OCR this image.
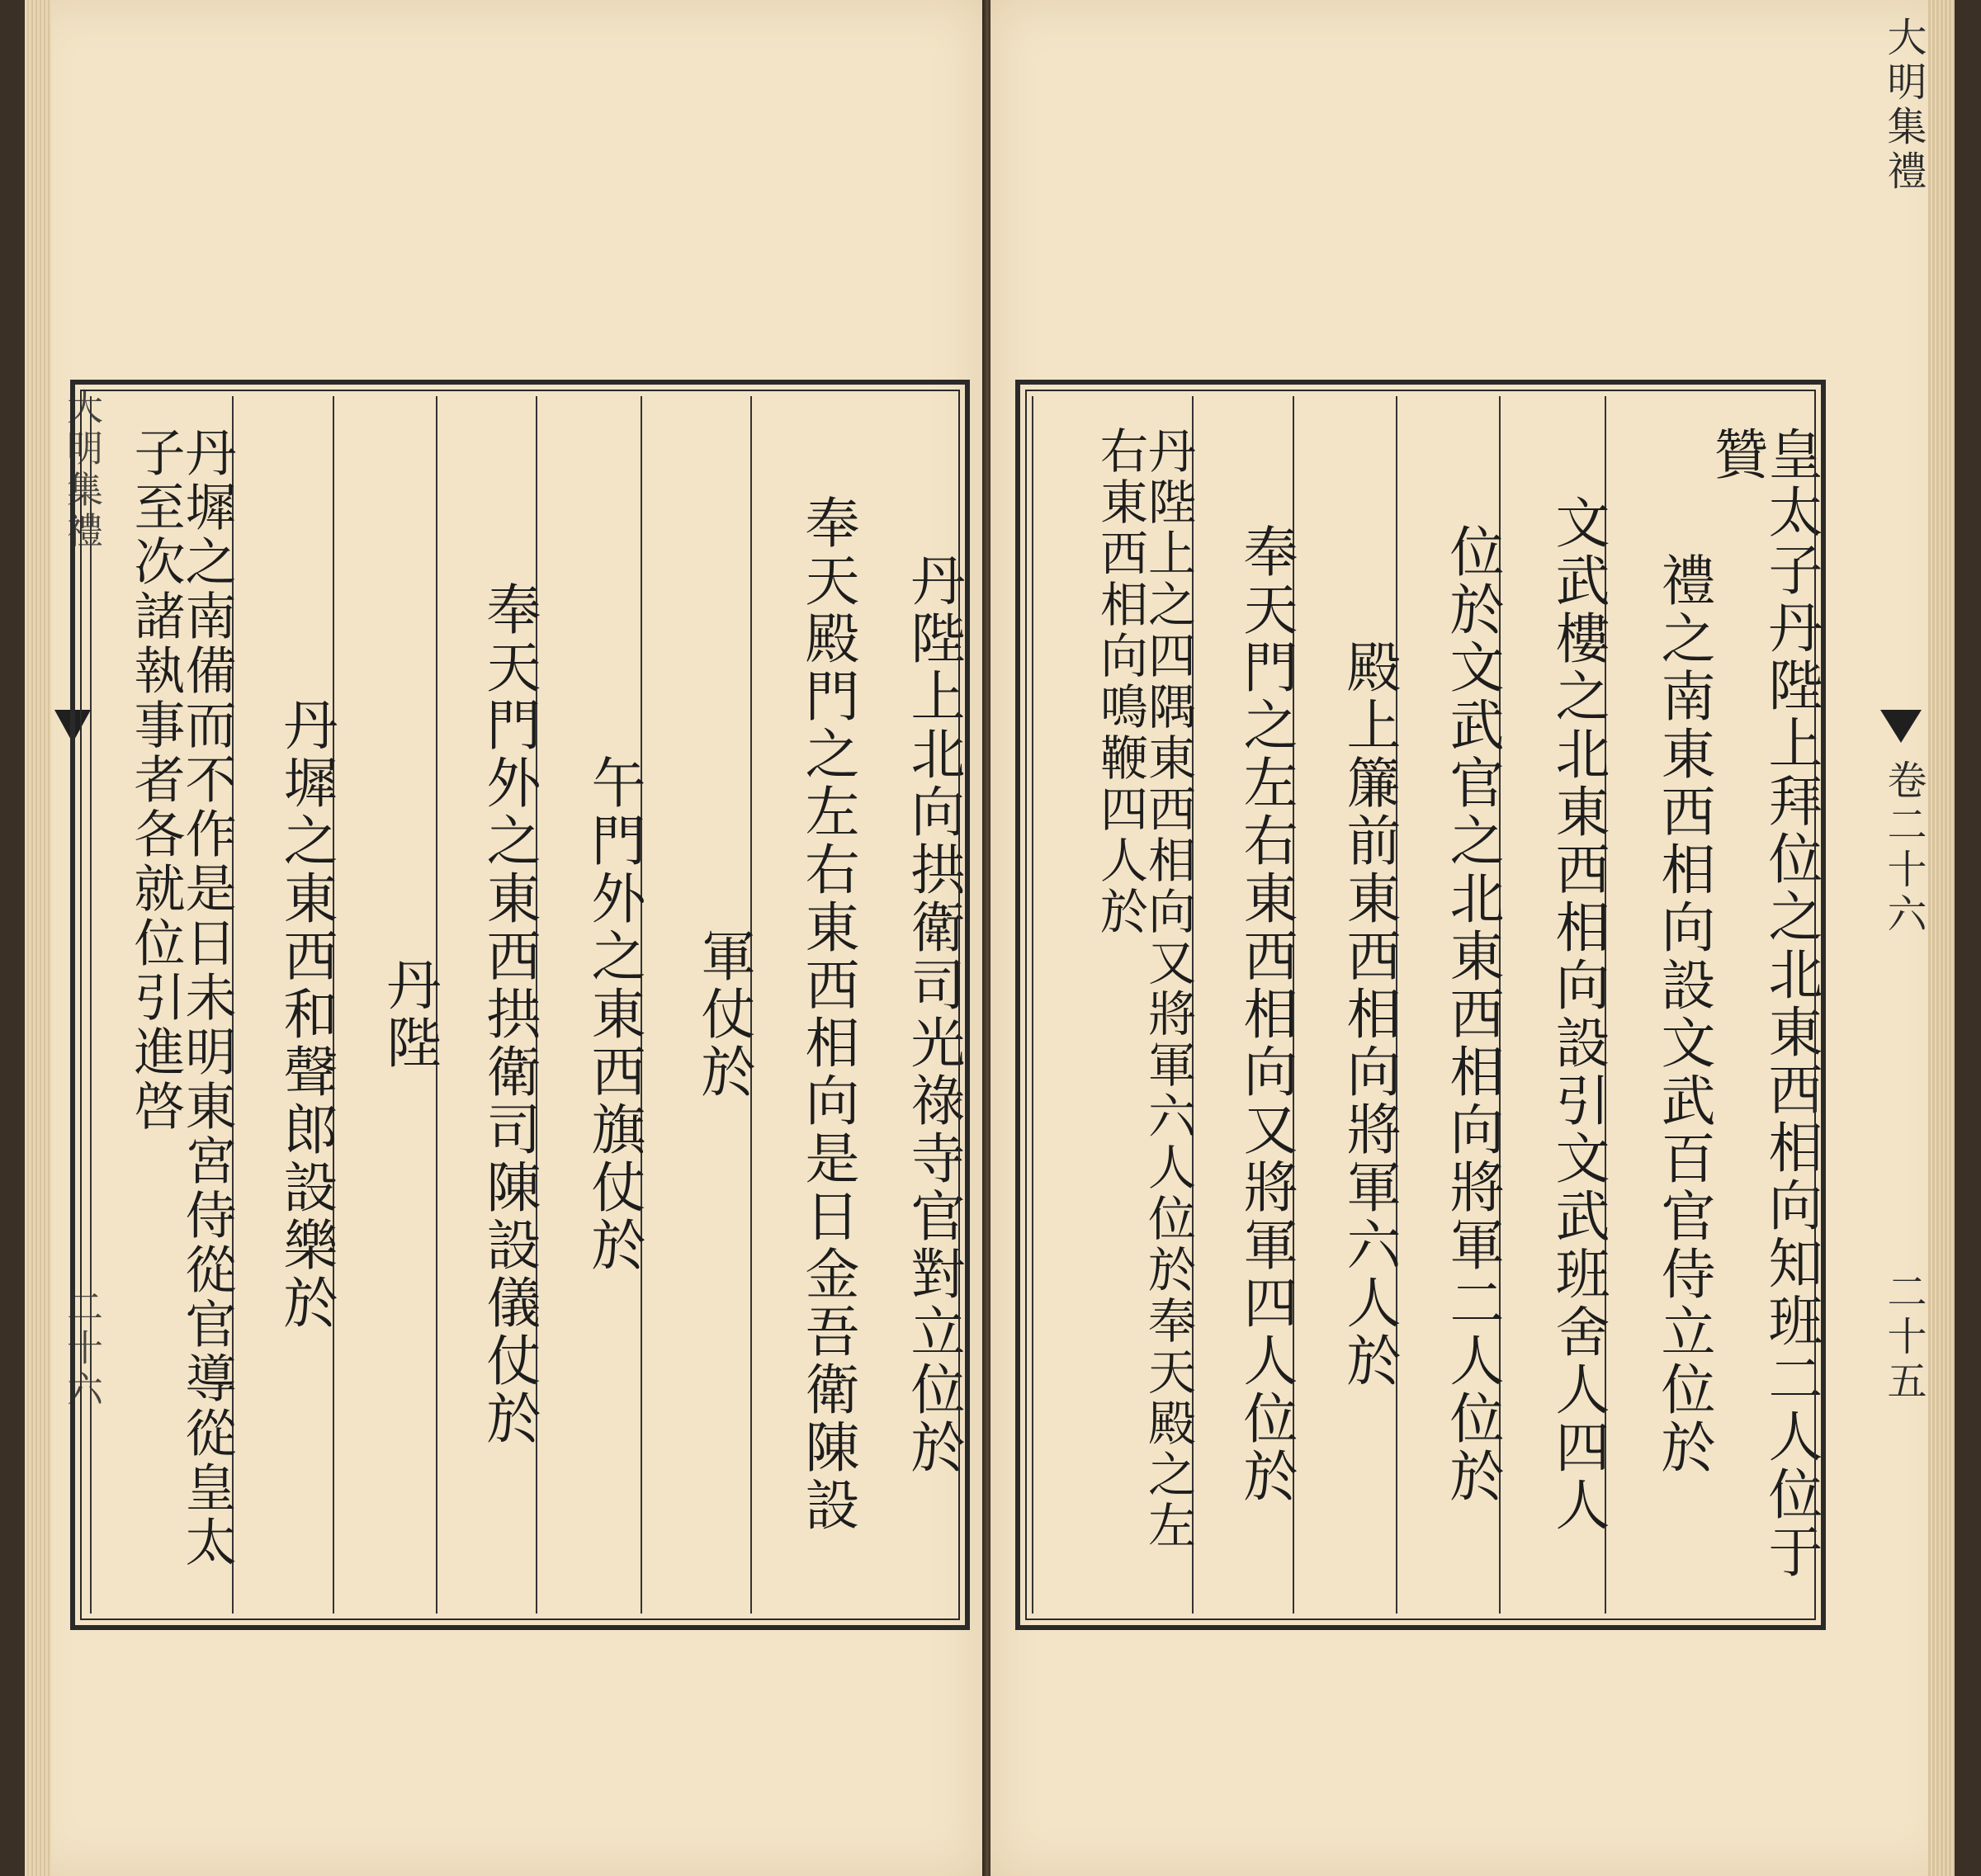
大明集禮
二十六	丹陛上北向拱衛司光祿寺官對立位於
奉天殿門之左右東西相向是日金吾衛陳設
軍仗於
午門外之東西旗仗於
奉天門外之東西拱衛司陳設儀仗於
丹陛
丹墀之東西和聲郎設樂於
丹墀之南備而不作是日未明東宮侍從官導從皇太子至次諸執事者各就位引進啓	皇太子丹陛上拜位之北東西相向知班二人位于贊
禮之南東西相向設文武百官侍立位於
文武樓之北東西相向設引文武班舍人四人
位於文武官之北東西相向將軍二人位於
殿上簾前東西相向將軍六人於
奉天門之左右東西相向又將軍四人位於
丹陛上之四隅東西相向又將軍六人位於奉天殿之左右東西相向鳴鞭四人於
大明集禮
卷二十六
二十五
